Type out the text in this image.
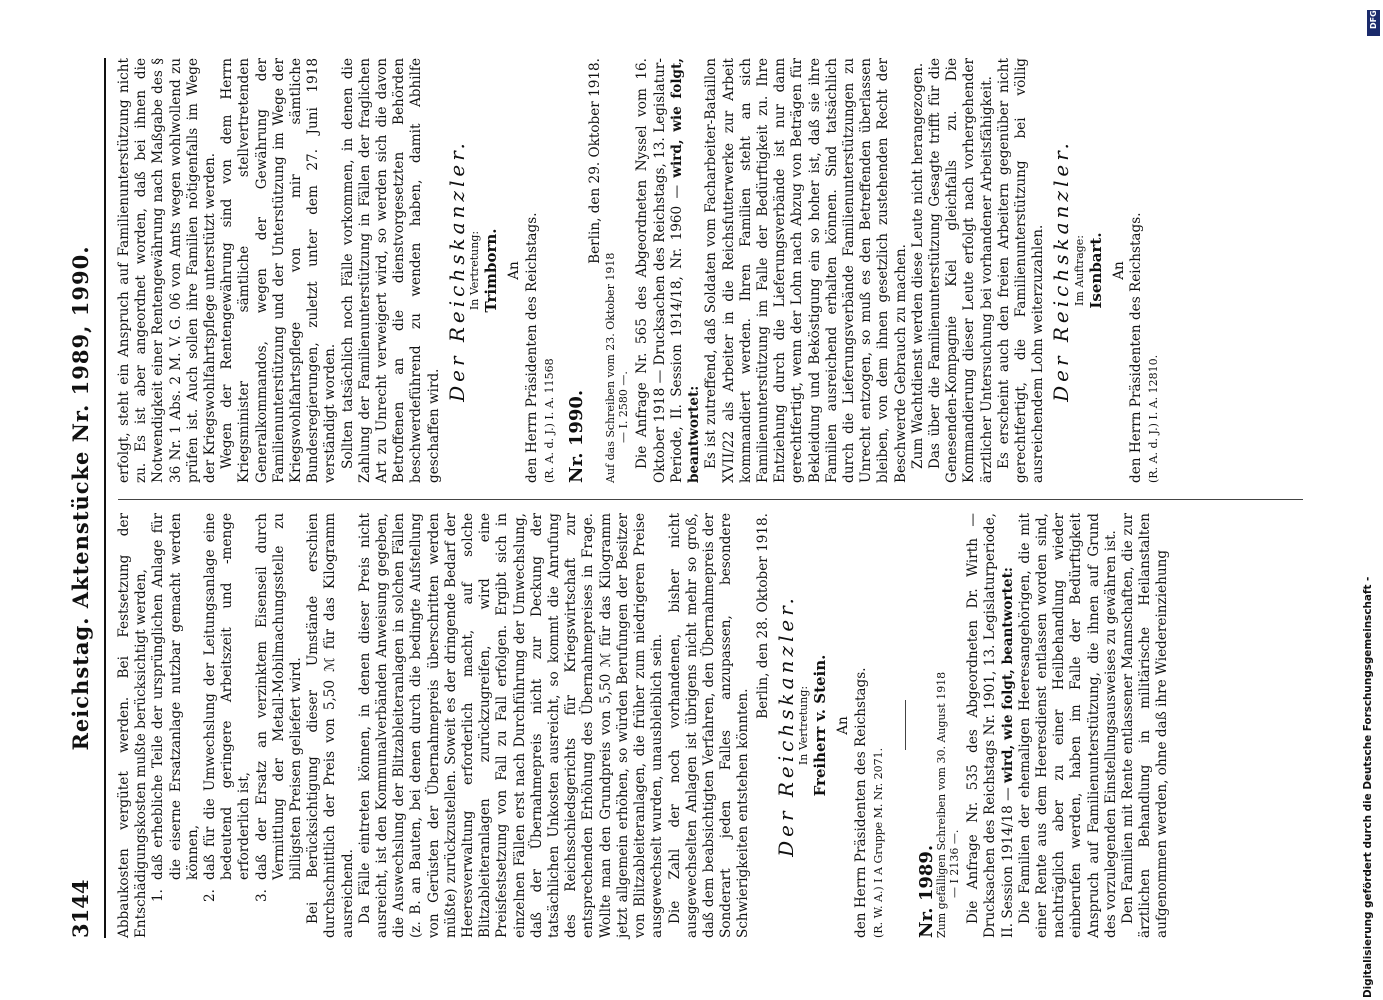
3144
Reichstag. Aktenstücke Nr. 1989, 1990. Abbaukosten vergütet werden. Bei Festsetzung der Entschädigungskosten mußte berücksichtigt werden, 1.
daß erhebliche Teile der ursprünglichen Anlage für die eiserne Ersatzanlage nutzbar gemacht werden können,
2.
daß für die Umwechslung der Leitungsanlage eine bedeutend geringere Arbeitszeit und -menge erforderlich ist,
3.
daß der Ersatz an verzinktem Eisenseil durch Vermittlung der Metall-Mobilmachungsstelle zu billigsten Preisen geliefert wird. Bei Berücksichtigung dieser Umstände erschien durchschnittlich der Preis von 5,50 ℳ für das Kilogramm ausreichend. Da Fälle eintreten können, in denen dieser Preis nicht ausreicht, ist den Kommunalverbänden Anweisung gegeben, die Auswechslung der Blitzableiteranlagen in solchen Fällen (z. B. an Bauten, bei denen durch die bedingte Aufstellung von Gerüsten der Übernahmepreis überschritten werden müßte) zurückzustellen. Soweit es der dringende Bedarf der Heeresverwaltung erforderlich macht, auf solche Blitzableiteranlagen zurückzugreifen, wird eine Preisfestsetzung von Fall zu Fall erfolgen. Ergibt sich in einzelnen Fällen erst nach Durchführung der Umwechslung, daß der Übernahmepreis nicht zur Deckung der tatsächlichen Unkosten ausreicht, so kommt die Anrufung des Reichsschiedsgerichts für Kriegswirtschaft zur entsprechenden Erhöhung des Übernahmepreises in Frage. Wollte man den Grundpreis von 5,50 ℳ für das Kilogramm jetzt allgemein erhöhen, so würden Berufungen der Besitzer von Blitzableiteranlagen, die früher zum niedrigeren Preise ausgewechselt wurden, unausbleiblich sein. Die Zahl der noch vorhandenen, bisher nicht ausgewechselten Anlagen ist übrigens nicht mehr so groß, daß dem beabsichtigten Verfahren, den Übernahmepreis der Sonderart jeden Falles anzupassen, besondere Schwierigkeiten entstehen könnten.

Berlin, den 28. Oktober 1918. Der Reichskanzler. In Vertretung: Freiherr v. Stein. An den Herrn Präsidenten des Reichstags. (R. W. A.) I A Gruppe M. Nr. 2071. Nr. 1989.
Zum gefälligen Schreiben vom 30. August 1918 — I 2136 —. Die Anfrage Nr. 535 des Abgeordneten Dr. Wirth — Drucksachen des Reichstags Nr. 1901, 13. Legislaturperiode, II. Session 1914/18 — wird, wie folgt, beantwortet: Die Familien der ehemaligen Heeresangehörigen, die mit einer Rente aus dem Heeresdienst entlassen worden sind, nachträglich aber zu einer Heilbehandlung wieder einberufen werden, haben im Falle der Bedürftigkeit Anspruch auf Familienunterstützung, die ihnen auf Grund des vorzulegenden Einstellungsausweises zu gewähren ist. Den Familien mit Rente entlassener Mannschaften, die zur ärztlichen Behandlung in militärische Heilanstalten aufgenommen werden, ohne daß ihre Wiedereinziehung

erfolgt, steht ein Anspruch auf Familienunterstützung nicht zu. Es ist aber angeordnet worden, daß bei ihnen die Notwendigkeit einer Rentengewährung nach Maßgabe des § 36 Nr. 1 Abs. 2 M. V. G. 06 von Amts wegen wohlwollend zu prüfen ist. Auch sollen ihre Familien nötigenfalls im Wege der Kriegswohlfahrtspflege unterstützt werden. Wegen der Rentengewährung sind von dem Herrn Kriegsminister sämtliche stellvertretenden Generalkommandos, wegen der Gewährung der Familienunterstützung und der Unterstützung im Wege der Kriegswohlfahrtspflege von mir sämtliche Bundesregierungen, zuletzt unter dem 27. Juni 1918 verständigt worden. Sollten tatsächlich noch Fälle vorkommen, in denen die Zahlung der Familienunterstützung in Fällen der fraglichen Art zu Unrecht verweigert wird, so werden sich die davon Betroffenen an die dienstvorgesetzten Behörden beschwerdeführend zu wenden haben, damit Abhilfe geschaffen wird.

Der Reichskanzler. In Vertretung: Trimborn. An den Herrn Präsidenten des Reichstags. (R. A. d. J.) I. A. 11568 Nr. 1990.
Berlin, den 29. Oktober 1918.
Auf das Schreiben vom 23. Oktober 1918 — I. 2580 —. Die Anfrage Nr. 565 des Abgeordneten Nyssel vom 16. Oktober 1918 — Drucksachen des Reichstags, 13. Legislatur-Periode, II. Session 1914/18, Nr. 1960 — wird, wie folgt, beantwortet: Es ist zutreffend, daß Soldaten vom Facharbeiter-Bataillon XVII/22 als Arbeiter in die Reichsfutterwerke zur Arbeit kommandiert werden. Ihren Familien steht an sich Familienunterstützung im Falle der Bedürftigkeit zu. Ihre Entziehung durch die Lieferungsverbände ist nur dann gerechtfertigt, wenn der Lohn nach Abzug von Beträgen für Bekleidung und Beköstigung ein so hoher ist, daß sie ihre Familien ausreichend erhalten können. Sind tatsächlich durch die Lieferungsverbände Familienunterstützungen zu Unrecht entzogen, so muß es den Betreffenden überlassen bleiben, von dem ihnen gesetzlich zustehenden Recht der Beschwerde Gebrauch zu machen. Zum Wachtdienst werden diese Leute nicht herangezogen. Das über die Familienunterstützung Gesagte trifft für die Genesenden-Kompagnie Kiel gleichfalls zu. Die Kommandierung dieser Leute erfolgt nach vorhergehender ärztlicher Untersuchung bei vorhandener Arbeitsfähigkeit. Es erscheint auch den freien Arbeitern gegenüber nicht gerechtfertigt, die Familienunterstützung bei völlig ausreichendem Lohn weiterzuzahlen. Der Reichskanzler. Im Auftrage: Isenbart. An den Herrn Präsidenten des Reichstags. (R. A. d. J.) I. A. 12810.
Digitalisierung gefördert durch die Deutsche Forschungsgemeinschaft -
DFG
